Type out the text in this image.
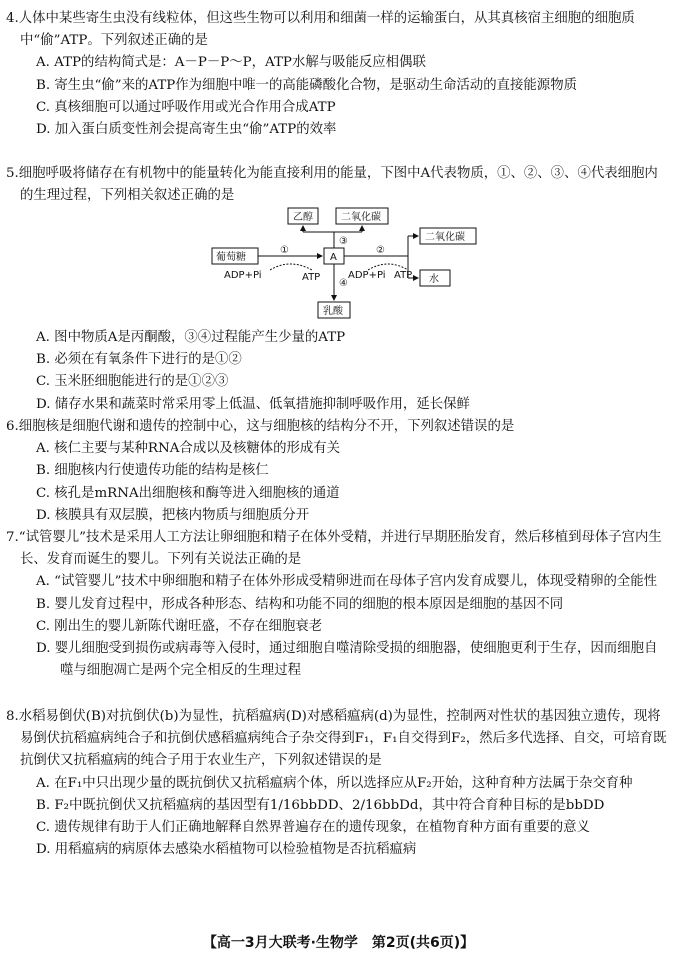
4.人体中某些寄生虫没有线粒体，但这些生物可以利用和细菌一样的运输蛋白，从其真核宿主细胞的细胞质中“偷”ATP。下列叙述正确的是
A. ATP的结构简式是：A－P－P～P，ATP水解与吸能反应相偶联
B. 寄生虫“偷”来的ATP作为细胞中唯一的高能磷酸化合物，是驱动生命活动的直接能源物质
C. 真核细胞可以通过呼吸作用或光合作用合成ATP
D. 加入蛋白质变性剂会提高寄生虫“偷”ATP的效率
5.细胞呼吸将储存在有机物中的能量转化为能直接利用的能量，下图中A代表物质，①、②、③、④代表细胞内的生理过程，下列相关叙述正确的是
乙醇	二氧化碳
葡萄糖	A
二氧化碳
水
乳酸
①	②
③
④
ADP+Pi	ATP	ADP+Pi ATP
A. 图中物质A是丙酮酸，③④过程能产生少量的ATP
B. 必须在有氧条件下进行的是①②
C. 玉米胚细胞能进行的是①②③
D. 储存水果和蔬菜时常采用零上低温、低氧措施抑制呼吸作用，延长保鲜
6.细胞核是细胞代谢和遗传的控制中心，这与细胞核的结构分不开，下列叙述错误的是
A. 核仁主要与某种RNA合成以及核糖体的形成有关
B. 细胞核内行使遗传功能的结构是核仁
C. 核孔是mRNA出细胞核和酶等进入细胞核的通道
D. 核膜具有双层膜，把核内物质与细胞质分开
7.“试管婴儿”技术是采用人工方法让卵细胞和精子在体外受精，并进行早期胚胎发育，然后移植到母体子宫内生长、发育而诞生的婴儿。下列有关说法正确的是
A. “试管婴儿”技术中卵细胞和精子在体外形成受精卵进而在母体子宫内发育成婴儿，体现受精卵的全能性
B. 婴儿发育过程中，形成各种形态、结构和功能不同的细胞的根本原因是细胞的基因不同
C. 刚出生的婴儿新陈代谢旺盛，不存在细胞衰老
D. 婴儿细胞受到损伤或病毒等入侵时，通过细胞自噬清除受损的细胞器，使细胞更利于生存，因而细胞自噬与细胞凋亡是两个完全相反的生理过程
8.水稻易倒伏(B)对抗倒伏(b)为显性，抗稻瘟病(D)对感稻瘟病(d)为显性，控制两对性状的基因独立遗传，现将易倒伏抗稻瘟病纯合子和抗倒伏感稻瘟病纯合子杂交得到F₁，F₁自交得到F₂，然后多代选择、自交，可培育既抗倒伏又抗稻瘟病的纯合子用于农业生产，下列叙述错误的是
A. 在F₁中只出现少量的既抗倒伏又抗稻瘟病个体，所以选择应从F₂开始，这种育种方法属于杂交育种
B. F₂中既抗倒伏又抗稻瘟病的基因型有1/16bbDD、2/16bbDd，其中符合育种目标的是bbDD
C. 遗传规律有助于人们正确地解释自然界普遍存在的遗传现象，在植物育种方面有重要的意义
D. 用稻瘟病的病原体去感染水稻植物可以检验植物是否抗稻瘟病
【高一3月大联考·生物学　第2页(共6页)】
